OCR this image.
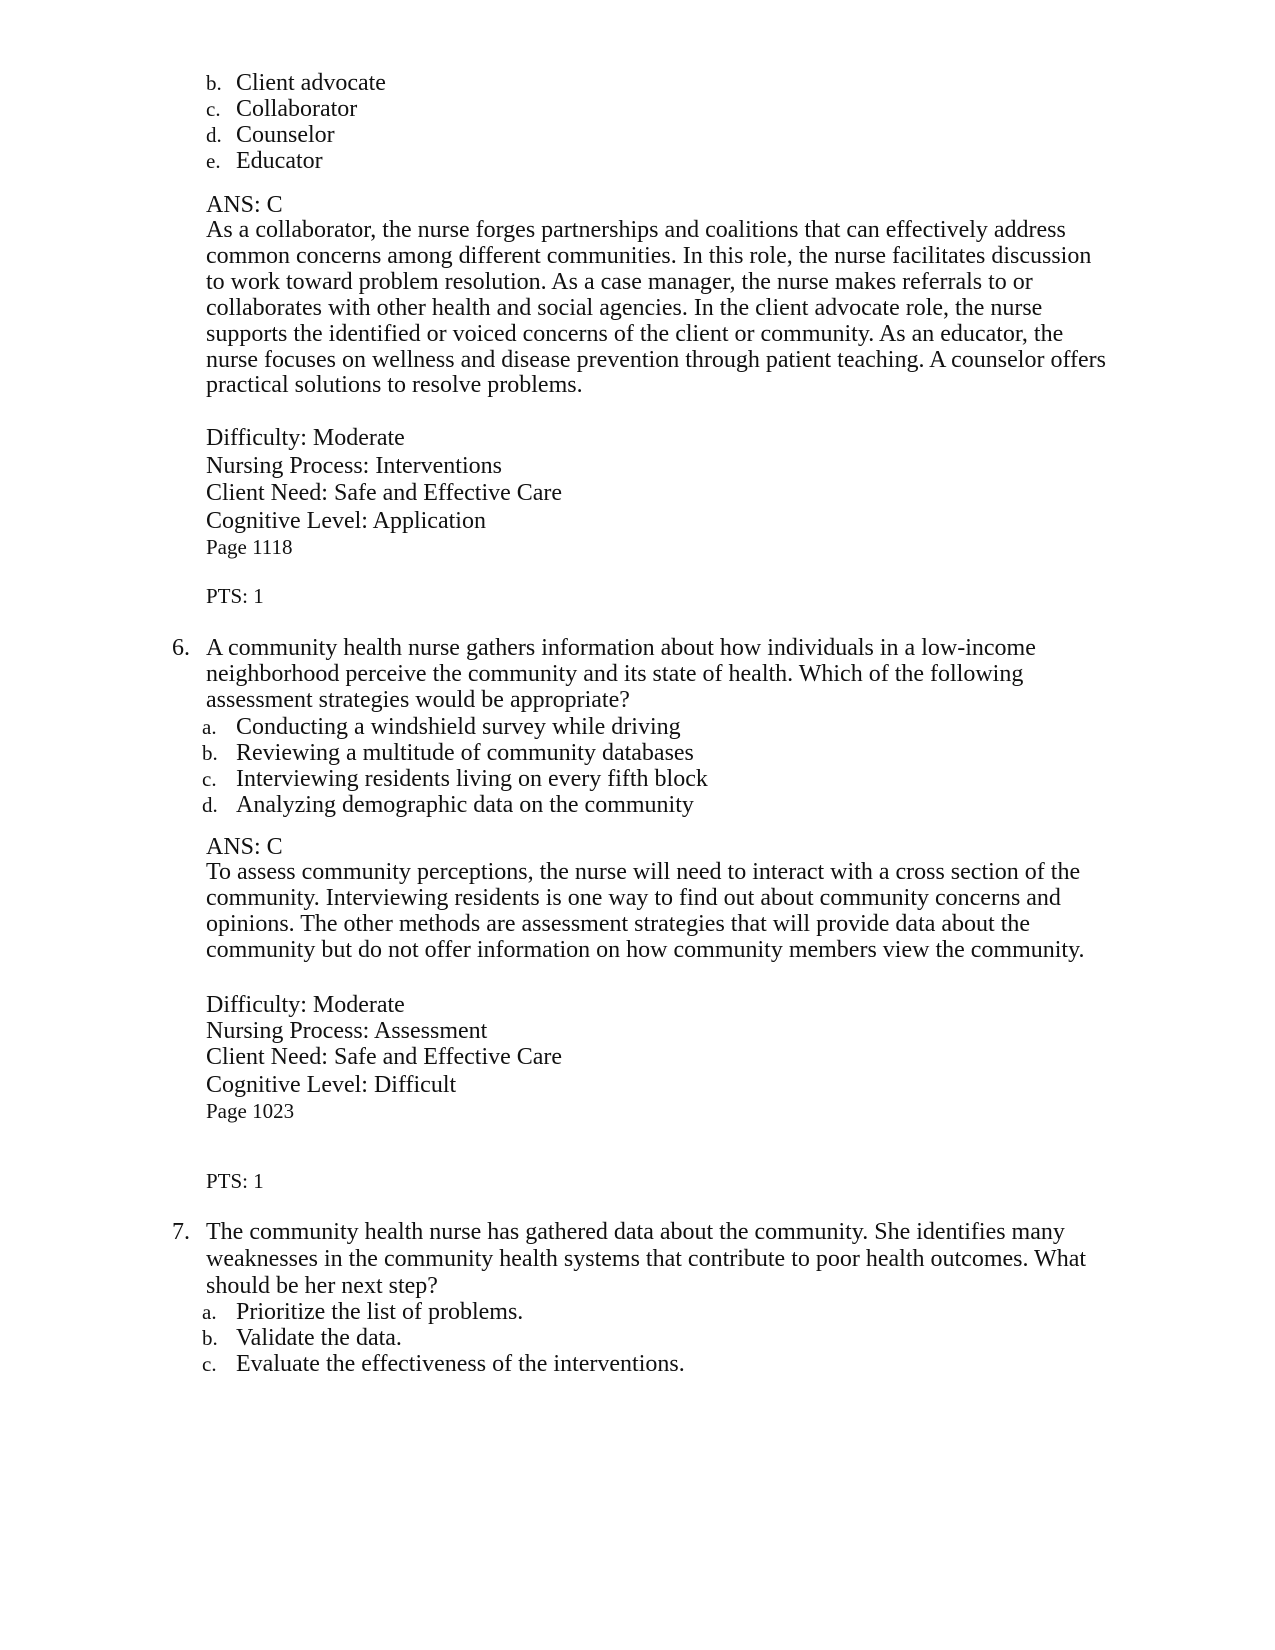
b. Client advocate
c. Collaborator
d. Counselor
e. Educator
ANS: C
As a collaborator, the nurse forges partnerships and coalitions that can effectively address
common concerns among different communities. In this role, the nurse facilitates discussion
to work toward problem resolution. As a case manager, the nurse makes referrals to or
collaborates with other health and social agencies. In the client advocate role, the nurse
supports the identified or voiced concerns of the client or community. As an educator, the
nurse focuses on wellness and disease prevention through patient teaching. A counselor offers
practical solutions to resolve problems.
Difficulty: Moderate
Nursing Process: Interventions
Client Need: Safe and Effective Care
Cognitive Level: Application
Page 1118
PTS: 1
6. A community health nurse gathers information about how individuals in a low-income
neighborhood perceive the community and its state of health. Which of the following
assessment strategies would be appropriate?
a. Conducting a windshield survey while driving
b. Reviewing a multitude of community databases
c. Interviewing residents living on every fifth block
d. Analyzing demographic data on the community
ANS: C
To assess community perceptions, the nurse will need to interact with a cross section of the
community. Interviewing residents is one way to find out about community concerns and
opinions. The other methods are assessment strategies that will provide data about the
community but do not offer information on how community members view the community.
Difficulty: Moderate
Nursing Process: Assessment
Client Need: Safe and Effective Care
Cognitive Level: Difficult
Page 1023
PTS: 1
7. The community health nurse has gathered data about the community. She identifies many
weaknesses in the community health systems that contribute to poor health outcomes. What
should be her next step?
a. Prioritize the list of problems.
b. Validate the data.
c. Evaluate the effectiveness of the interventions.
